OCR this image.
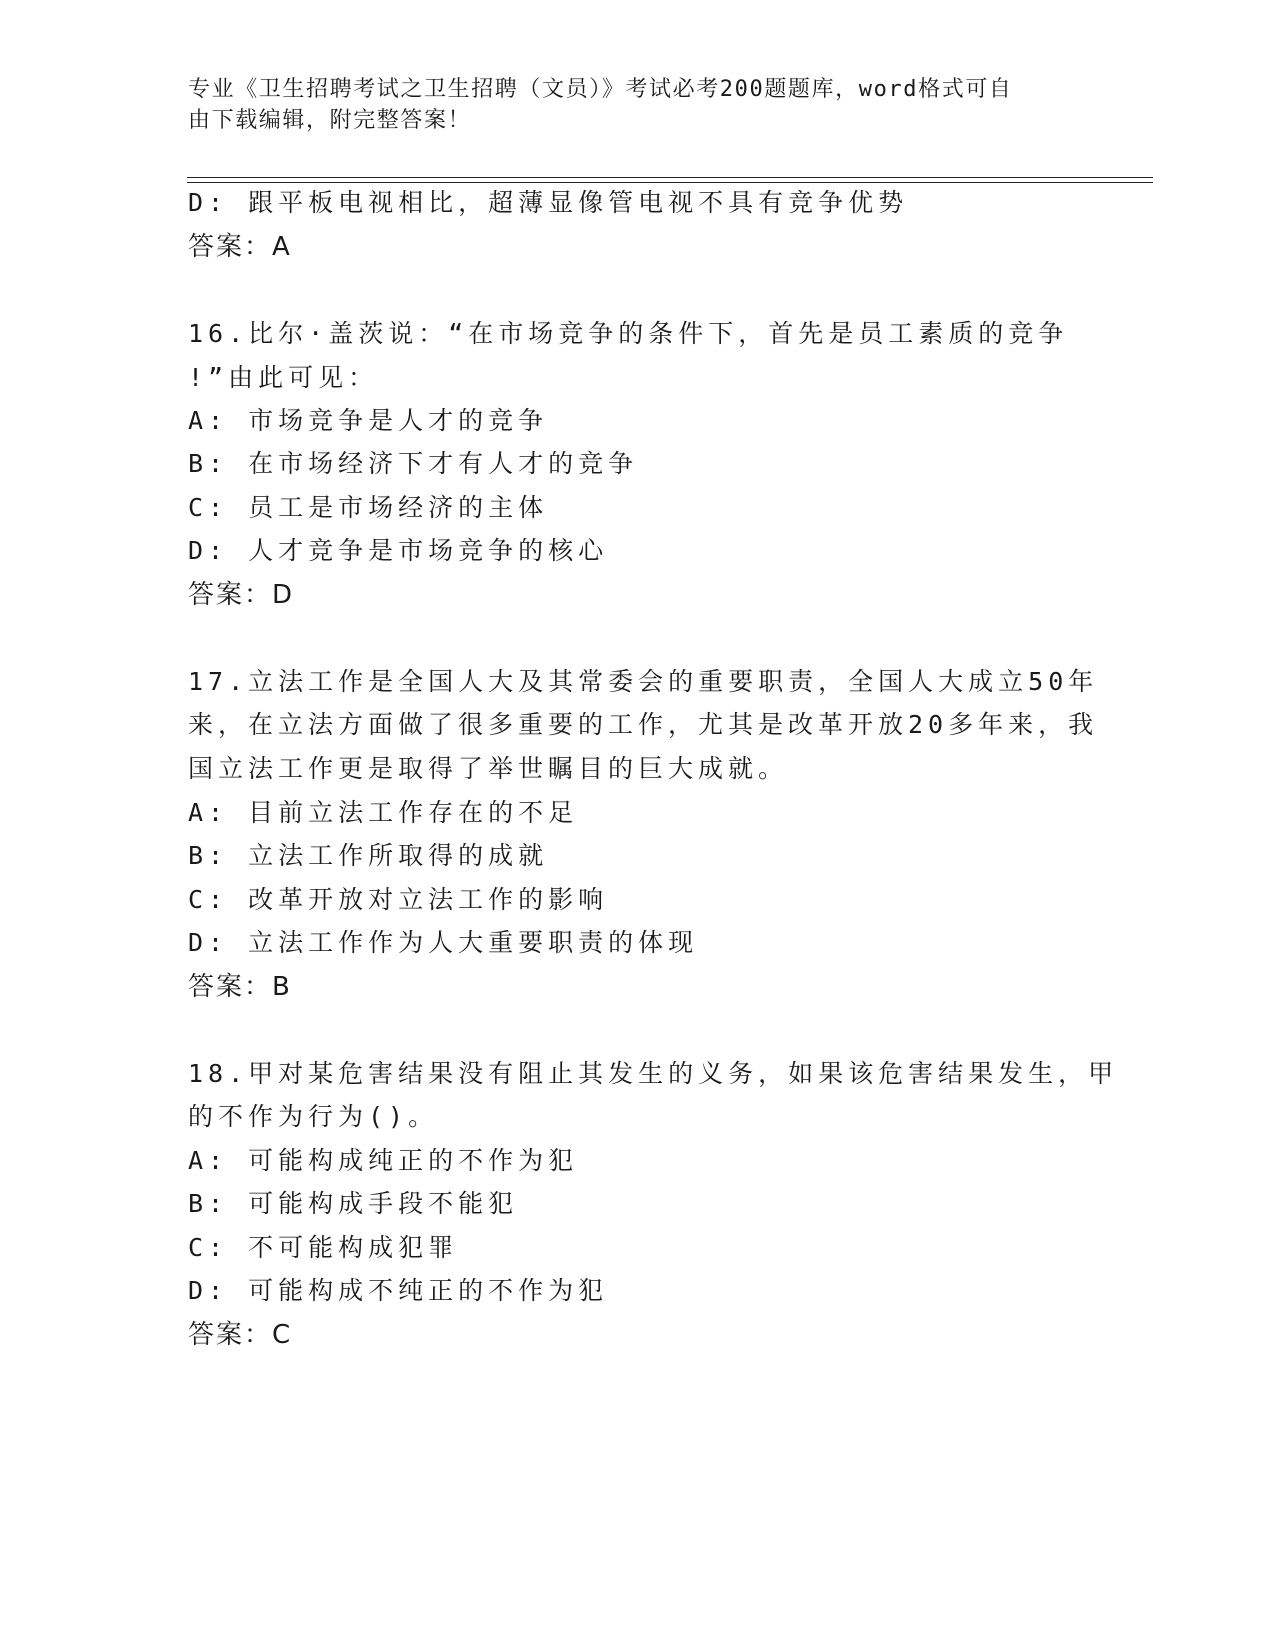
专业《卫生招聘考试之卫生招聘（文员）》考试必考200题题库，word格式可自
由下载编辑，附完整答案！
D: 跟平板电视相比，超薄显像管电视不具有竞争优势
答案：A
16.比尔·盖茨说：“在市场竞争的条件下，首先是员工素质的竞争
!”由此可见：
A: 市场竞争是人才的竞争
B: 在市场经济下才有人才的竞争
C: 员工是市场经济的主体
D: 人才竞争是市场竞争的核心
答案：D
17.立法工作是全国人大及其常委会的重要职责，全国人大成立50年
来，在立法方面做了很多重要的工作，尤其是改革开放20多年来，我
国立法工作更是取得了举世瞩目的巨大成就。
A: 目前立法工作存在的不足
B: 立法工作所取得的成就
C: 改革开放对立法工作的影响
D: 立法工作作为人大重要职责的体现
答案：B
18.甲对某危害结果没有阻止其发生的义务，如果该危害结果发生，甲
的不作为行为()。
A: 可能构成纯正的不作为犯
B: 可能构成手段不能犯
C: 不可能构成犯罪
D: 可能构成不纯正的不作为犯
答案：C
